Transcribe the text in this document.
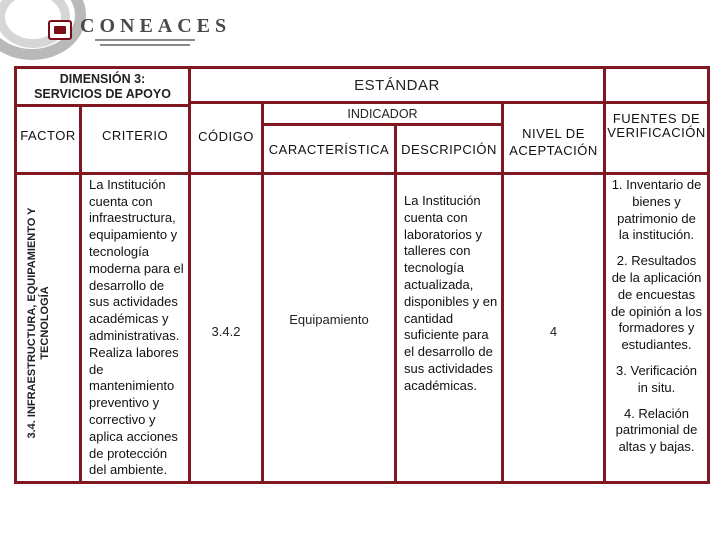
CONEACES
DIMENSIÓN 3:
SERVICIOS DE APOYO	ESTÁNDAR
FACTOR CRITERIO CÓDIGO
INDICADOR
CARACTERÍSTICA DESCRIPCIÓN
NIVEL DE
ACEPTACIÓN
FUENTES DE
VERIFICACIÓN
3.4. INFRAESTRUCTURA, EQUIPAMIENTO Y TECNOLOGÍA
La Institución cuenta con infraestructura, equipamiento y tecnología moderna para el desarrollo de sus actividades académicas y administrativas. Realiza labores de mantenimiento preventivo y correctivo y aplica acciones de protección del ambiente.
3.4.2
Equipamiento
La Institución cuenta con laboratorios y talleres con tecnología actualizada, disponibles y en cantidad suficiente para el desarrollo de sus actividades académicas.
4

1. Inventario de bienes y patrimonio de la institución.

2. Resultados de la aplicación de encuestas de opinión a los formadores y estudiantes.

3. Verificación in situ.

4. Relación patrimonial de altas y bajas.
